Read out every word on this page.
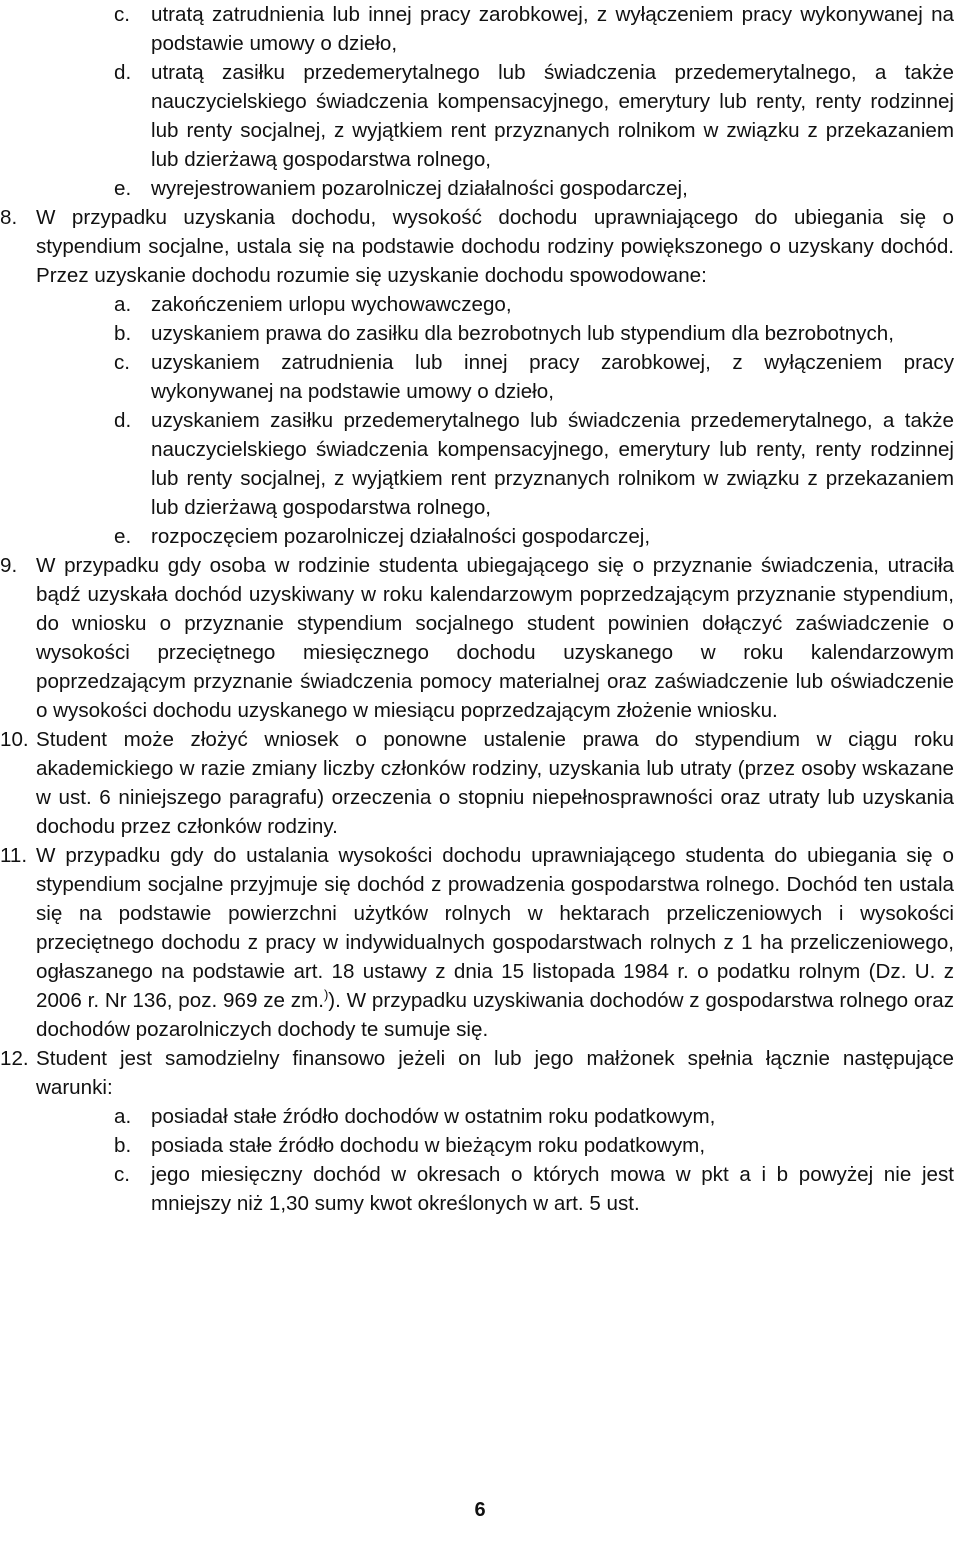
c.	utratą zatrudnienia lub innej pracy zarobkowej, z wyłączeniem pracy wykonywanej na podstawie umowy o dzieło,
d. utratą zasiłku przedemerytalnego lub świadczenia przedemerytalnego, a także nauczycielskiego świadczenia kompensacyjnego, emerytury lub renty, renty rodzinnej lub renty socjalnej, z wyjątkiem rent przyznanych rolnikom w związku z przekazaniem lub dzierżawą gospodarstwa rolnego,
e. wyrejestrowaniem pozarolniczej działalności gospodarczej,
8. W przypadku uzyskania dochodu, wysokość dochodu uprawniającego do ubiegania się o stypendium socjalne, ustala się na podstawie dochodu rodziny powiększonego o uzyskany dochód. Przez uzyskanie dochodu rozumie się uzyskanie dochodu spowodowane:
a. zakończeniem urlopu wychowawczego,
b. uzyskaniem prawa do zasiłku dla bezrobotnych lub stypendium dla bezrobotnych,
c.	uzyskaniem zatrudnienia lub innej pracy zarobkowej, z wyłączeniem pracy wykonywanej na podstawie umowy o dzieło,
d. uzyskaniem zasiłku przedemerytalnego lub świadczenia przedemerytalnego, a także nauczycielskiego świadczenia kompensacyjnego, emerytury lub renty, renty rodzinnej lub renty socjalnej, z wyjątkiem rent przyznanych rolnikom w związku z przekazaniem lub dzierżawą gospodarstwa rolnego,
e. rozpoczęciem pozarolniczej działalności gospodarczej,
9. W przypadku gdy osoba w rodzinie studenta ubiegającego się o przyznanie świadczenia, utraciła bądź uzyskała dochód uzyskiwany w roku kalendarzowym poprzedzającym przyznanie stypendium, do wniosku o przyznanie stypendium socjalnego student powinien dołączyć zaświadczenie o wysokości przeciętnego miesięcznego dochodu uzyskanego w roku kalendarzowym poprzedzającym przyznanie świadczenia pomocy materialnej oraz zaświadczenie lub oświadczenie o wysokości dochodu uzyskanego w miesiącu poprzedzającym złożenie wniosku.
10. Student może złożyć wniosek o ponowne ustalenie prawa do stypendium w ciągu roku akademickiego w razie zmiany liczby członków rodziny, uzyskania lub utraty (przez osoby wskazane w ust. 6 niniejszego paragrafu) orzeczenia o stopniu niepełnosprawności oraz utraty lub uzyskania dochodu przez członków rodziny.
11. W przypadku gdy do ustalania wysokości dochodu uprawniającego studenta do ubiegania się o stypendium socjalne przyjmuje się dochód z prowadzenia gospodarstwa rolnego. Dochód ten ustala się na podstawie powierzchni użytków rolnych w hektarach przeliczeniowych i wysokości przeciętnego dochodu z pracy w indywidualnych gospodarstwach rolnych z 1 ha przeliczeniowego, ogłaszanego na podstawie art. 18 ustawy z dnia 15 listopada 1984 r. o podatku rolnym (Dz. U. z 2006 r. Nr 136, poz. 969 ze zm.)). W przypadku uzyskiwania dochodów z gospodarstwa rolnego oraz dochodów pozarolniczych dochody te sumuje się.
12. Student jest samodzielny finansowo jeżeli on lub jego małżonek spełnia łącznie następujące warunki:
a. posiadał stałe źródło dochodów w ostatnim roku podatkowym,
b. posiada stałe źródło dochodu w bieżącym roku podatkowym,
c.	jego miesięczny dochód w okresach o których mowa w pkt a i b powyżej nie jest mniejszy niż 1,30 sumy kwot określonych w art. 5 ust.
6
